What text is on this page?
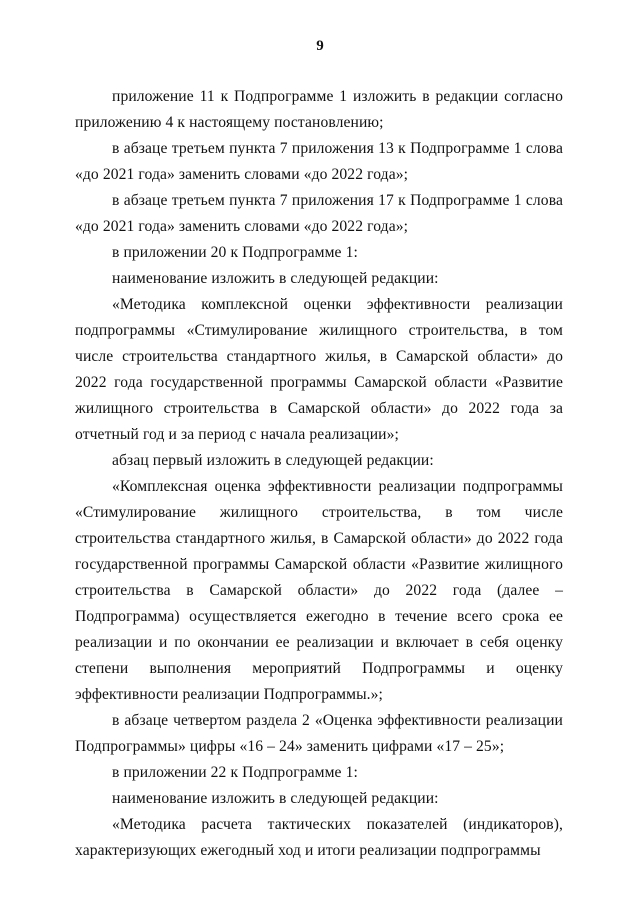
9

приложение 11 к Подпрограмме 1 изложить в редакции согласно приложению 4 к настоящему постановлению;

в абзаце третьем пункта 7 приложения 13 к Подпрограмме 1 слова «до 2021 года» заменить словами «до 2022 года»;

в абзаце третьем пункта 7 приложения 17 к Подпрограмме 1 слова «до 2021 года» заменить словами «до 2022 года»;

в приложении 20 к Подпрограмме 1:

наименование изложить в следующей редакции:

«Методика комплексной оценки эффективности реализации подпрограммы «Стимулирование жилищного строительства, в том числе строительства стандартного жилья, в Самарской области» до 2022 года государственной программы Самарской области «Развитие жилищного строительства в Самарской области» до 2022 года за отчетный год и за период с начала реализации»;

абзац первый изложить в следующей редакции:

«Комплексная оценка эффективности реализации подпрограммы «Стимулирование жилищного строительства, в том числе строительства стандартного жилья, в Самарской области» до 2022 года государственной программы Самарской области «Развитие жилищного строительства в Самарской области» до 2022 года (далее – Подпрограмма) осуществляется ежегодно в течение всего срока ее реализации и по окончании ее реализации и включает в себя оценку степени выполнения мероприятий Подпрограммы и оценку эффективности реализации Подпрограммы.»;

в абзаце четвертом раздела 2 «Оценка эффективности реализации Подпрограммы» цифры «16 – 24» заменить цифрами «17 – 25»;

в приложении 22 к Подпрограмме 1:

наименование изложить в следующей редакции:

«Методика расчета тактических показателей (индикаторов), характеризующих ежегодный ход и итоги реализации подпрограммы
